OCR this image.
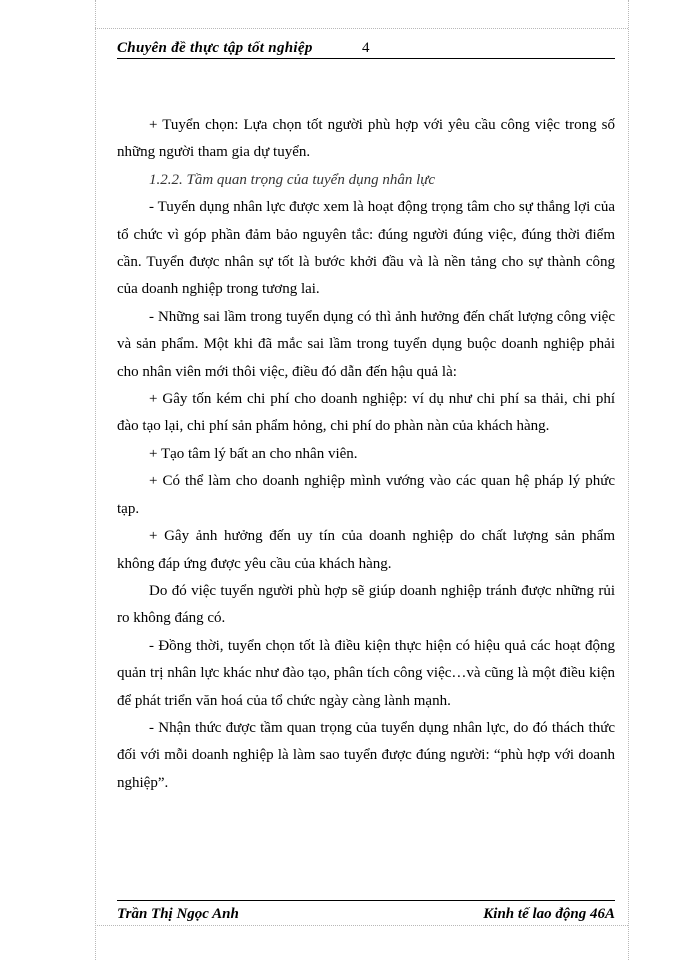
Chuyên đề thực tập tốt nghiệp	4

+ Tuyển chọn: Lựa chọn tốt người phù hợp với yêu cầu công việc trong số những người tham gia dự tuyển.

1.2.2. Tầm quan trọng của tuyển dụng nhân lực

- Tuyển dụng nhân lực được xem là hoạt động trọng tâm cho sự thắng lợi của tổ chức vì góp phần đảm bảo nguyên tắc: đúng người đúng việc, đúng thời điểm cần. Tuyển được nhân sự tốt là bước khởi đầu và là nền tảng cho sự thành công của doanh nghiệp trong tương lai.

- Những sai lầm trong tuyển dụng có thì ảnh hưởng đến chất lượng công việc và sản phẩm. Một khi đã mắc sai lầm trong tuyển dụng buộc doanh nghiệp phải cho nhân viên mới thôi việc, điều đó dẫn đến hậu quả là:

+ Gây tốn kém chi phí cho doanh nghiệp: ví dụ như chi phí sa thải, chi phí đào tạo lại, chi phí sản phẩm hỏng, chi phí do phàn nàn của khách hàng.

+ Tạo tâm lý bất an cho nhân viên.

+ Có thể làm cho doanh nghiệp mình vướng vào các quan hệ pháp lý phức tạp.

+ Gây ảnh hưởng đến uy tín của doanh nghiệp do chất lượng sản phẩm không đáp ứng được yêu cầu của khách hàng.

Do đó việc tuyển người phù hợp sẽ giúp doanh nghiệp tránh được những rủi ro không đáng có.

- Đồng thời, tuyển chọn tốt là điều kiện thực hiện có hiệu quả các hoạt động quản trị nhân lực khác như đào tạo, phân tích công việc…và cũng là một điều kiện để phát triển văn hoá của tổ chức ngày càng lành mạnh.

- Nhận thức được tầm quan trọng của tuyển dụng nhân lực, do đó thách thức đối với mỗi doanh nghiệp là làm sao tuyển được đúng người: “phù hợp với doanh nghiệp”.

Trần Thị Ngọc Anh	Kinh tế lao động 46A
